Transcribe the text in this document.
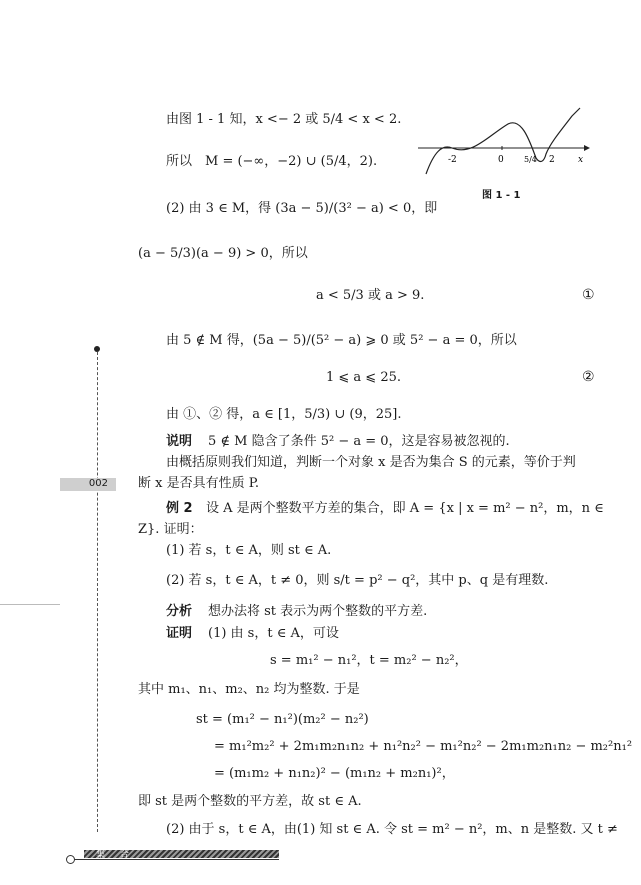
由图 1 - 1 知，x <− 2 或 5/4 < x < 2.
所以　M = (−∞，−2) ∪ (5/4，2).
(2) 由 3 ∈ M，得 (3a − 5)/(3² − a) < 0，即
(a − 5/3)(a − 9) > 0，所以
a < 5/3 或 a > 9.	①
由 5 ∉ M 得，(5a − 5)/(5² − a) ⩾ 0 或 5² − a = 0，所以
1 ⩽ a ⩽ 25.	②
由 ①、② 得，a ∈ [1，5/3) ∪ (9，25].
说明 5 ∉ M 隐含了条件 5² − a = 0，这是容易被忽视的.
由概括原则我们知道，判断一个对象 x 是否为集合 S 的元素，等价于判
断 x 是否具有性质 P.
例 2 设 A 是两个整数平方差的集合，即 A = {x | x = m² − n²，m，n ∈
Z}. 证明：
(1) 若 s，t ∈ A，则 st ∈ A.
(2) 若 s，t ∈ A，t ≠ 0，则 s/t = p² − q²，其中 p、q 是有理数.
分析 想办法将 st 表示为两个整数的平方差.
证明 (1) 由 s，t ∈ A，可设
s = m₁² − n₁²，t = m₂² − n₂²，
其中 m₁、n₁、m₂、n₂ 均为整数. 于是
st = (m₁² − n₁²)(m₂² − n₂²)
= m₁²m₂² + 2m₁m₂n₁n₂ + n₁²n₂² − m₁²n₂² − 2m₁m₂n₁n₂ − m₂²n₁²
= (m₁m₂ + n₁n₂)² − (m₁n₂ + m₂n₁)²，
即 st 是两个整数的平方差，故 st ∈ A.
(2) 由于 s，t ∈ A，由(1) 知 st ∈ A. 令 st = m² − n²，m、n 是整数. 又 t ≠
-2	0	5/4 2	x
图 1 - 1
002
集 合
